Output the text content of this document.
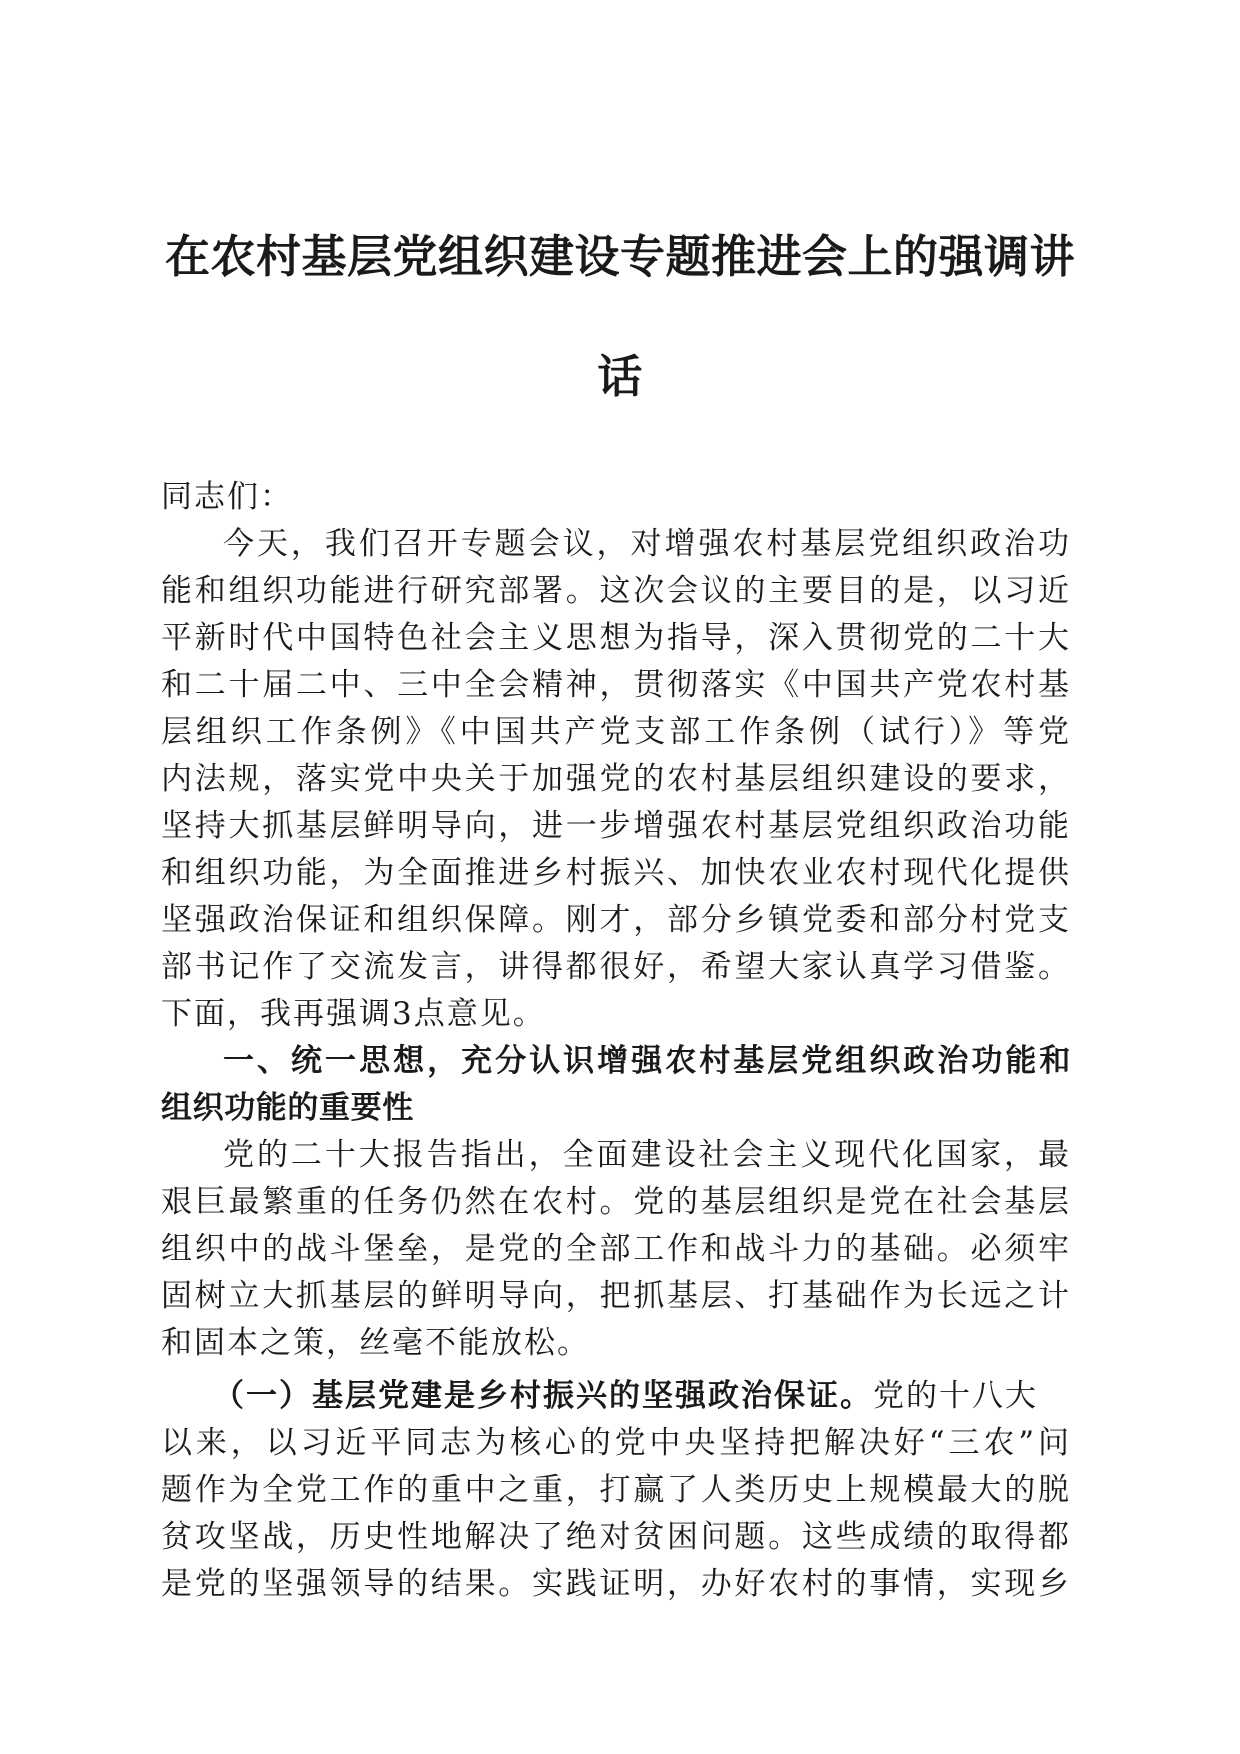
在农村基层党组织建设专题推进会上的强调讲
话
同志们：
今天，我们召开专题会议，对增强农村基层党组织政治功
能和组织功能进行研究部署。这次会议的主要目的是，以习近
平新时代中国特色社会主义思想为指导，深入贯彻党的二十大
和二十届二中、三中全会精神，贯彻落实《中国共产党农村基
层组织工作条例》《中国共产党支部工作条例（试行）》等党
内法规，落实党中央关于加强党的农村基层组织建设的要求，
坚持大抓基层鲜明导向，进一步增强农村基层党组织政治功能
和组织功能，为全面推进乡村振兴、加快农业农村现代化提供
坚强政治保证和组织保障。刚才，部分乡镇党委和部分村党支
部书记作了交流发言，讲得都很好，希望大家认真学习借鉴。
下面，我再强调3点意见。
一、统一思想，充分认识增强农村基层党组织政治功能和
组织功能的重要性
党的二十大报告指出，全面建设社会主义现代化国家，最
艰巨最繁重的任务仍然在农村。党的基层组织是党在社会基层
组织中的战斗堡垒，是党的全部工作和战斗力的基础。必须牢
固树立大抓基层的鲜明导向，把抓基层、打基础作为长远之计
和固本之策，丝毫不能放松。
（一）基层党建是乡村振兴的坚强政治保证。党的十八大
以来，以习近平同志为核心的党中央坚持把解决好“三农”问
题作为全党工作的重中之重，打赢了人类历史上规模最大的脱
贫攻坚战，历史性地解决了绝对贫困问题。这些成绩的取得都
是党的坚强领导的结果。实践证明，办好农村的事情，实现乡
